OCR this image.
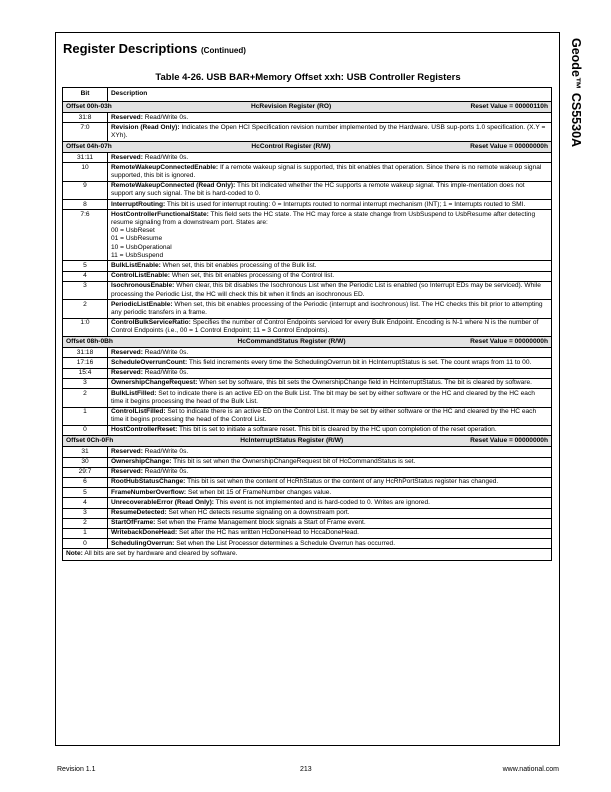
Geode™ CS5530A
Register Descriptions (Continued)
Table 4-26. USB BAR+Memory Offset xxh: USB Controller Registers
Bit	Description

Offset 00h-03h HcRevision Register (RO) Reset Value = 00000110h	

31:8	Reserved: Read/Write 0s.
7:0	Revision (Read Only): Indicates the Open HCI Specification revision number implemented by the Hardware. USB sup-ports 1.0 specification. (X.Y = XYh).

Offset 04h-07h HcControl Register (R/W) Reset Value = 00000000h	

31:11	Reserved: Read/Write 0s.
10	RemoteWakeupConnectedEnable: If a remote wakeup signal is supported, this bit enables that operation. Since there is no remote wakeup signal supported, this bit is ignored.
9	RemoteWakeupConnected (Read Only): This bit indicated whether the HC supports a remote wakeup signal. This imple-mentation does not support any such signal. The bit is hard-coded to 0.
8	InterruptRouting: This bit is used for interrupt routing: 0 = Interrupts routed to normal interrupt mechanism (INT); 1 = Interrupts routed to SMI.
7:6	HostControllerFunctionalState: This field sets the HC state. The HC may force a state change from UsbSuspend to UsbResume after detecting resume signaling from a downstream port. States are:
00 = UsbReset
01 = UsbResume
10 = UsbOperational
11 = UsbSuspend

5	BulkListEnable: When set, this bit enables processing of the Bulk list.
4	ControlListEnable: When set, this bit enables processing of the Control list.
3	IsochronousEnable: When clear, this bit disables the Isochronous List when the Periodic List is enabled (so Interrupt EDs may be serviced). While processing the Periodic List, the HC will check this bit when it finds an isochronous ED.
2	PeriodicListEnable: When set, this bit enables processing of the Periodic (interrupt and isochronous) list. The HC checks this bit prior to attempting any periodic transfers in a frame.
1:0	ControlBulkServiceRatio: Specifies the number of Control Endpoints serviced for every Bulk Endpoint. Encoding is N-1 where N is the number of Control Endpoints (i.e., 00 = 1 Control Endpoint; 11 = 3 Control Endpoints).

Offset 08h-0Bh HcCommandStatus Register (R/W) Reset Value = 00000000h	

31:18	Reserved: Read/Write 0s.
17:16	ScheduleOverrunCount: This field increments every time the SchedulingOverrun bit in HcInterruptStatus is set. The count wraps from 11 to 00.
15:4	Reserved: Read/Write 0s.
3	OwnershipChangeRequest: When set by software, this bit sets the OwnershipChange field in HcInterruptStatus. The bit is cleared by software.
2	BulkListFilled: Set to indicate there is an active ED on the Bulk List. The bit may be set by either software or the HC and cleared by the HC each time it begins processing the head of the Bulk List.
1	ControlListFilled: Set to indicate there is an active ED on the Control List. It may be set by either software or the HC and cleared by the HC each time it begins processing the head of the Control List.
0	HostControllerReset: This bit is set to initiate a software reset. This bit is cleared by the HC upon completion of the reset operation.

Offset 0Ch-0Fh HcInterruptStatus Register (R/W) Reset Value = 00000000h	

31	Reserved: Read/Write 0s.
30	OwnershipChange: This bit is set when the OwnershipChangeRequest bit of HcCommandStatus is set.
29:7	Reserved: Read/Write 0s.
6	RootHubStatusChange: This bit is set when the content of HcRhStatus or the content of any HcRhPortStatus register has changed.
5	FrameNumberOverflow: Set when bit 15 of FrameNumber changes value.
4	UnrecoverableError (Read Only): This event is not implemented and is hard-coded to 0. Writes are ignored.
3	ResumeDetected: Set when HC detects resume signaling on a downstream port.
2	StartOfFrame: Set when the Frame Management block signals a Start of Frame event.
1	WritebackDoneHead: Set after the HC has written HcDoneHead to HccaDoneHead.
0	SchedulingOverrun: Set when the List Processor determines a Schedule Overrun has occurred.
Note: All bits are set by hardware and cleared by software.	
Revision 1.1	213	www.national.com
